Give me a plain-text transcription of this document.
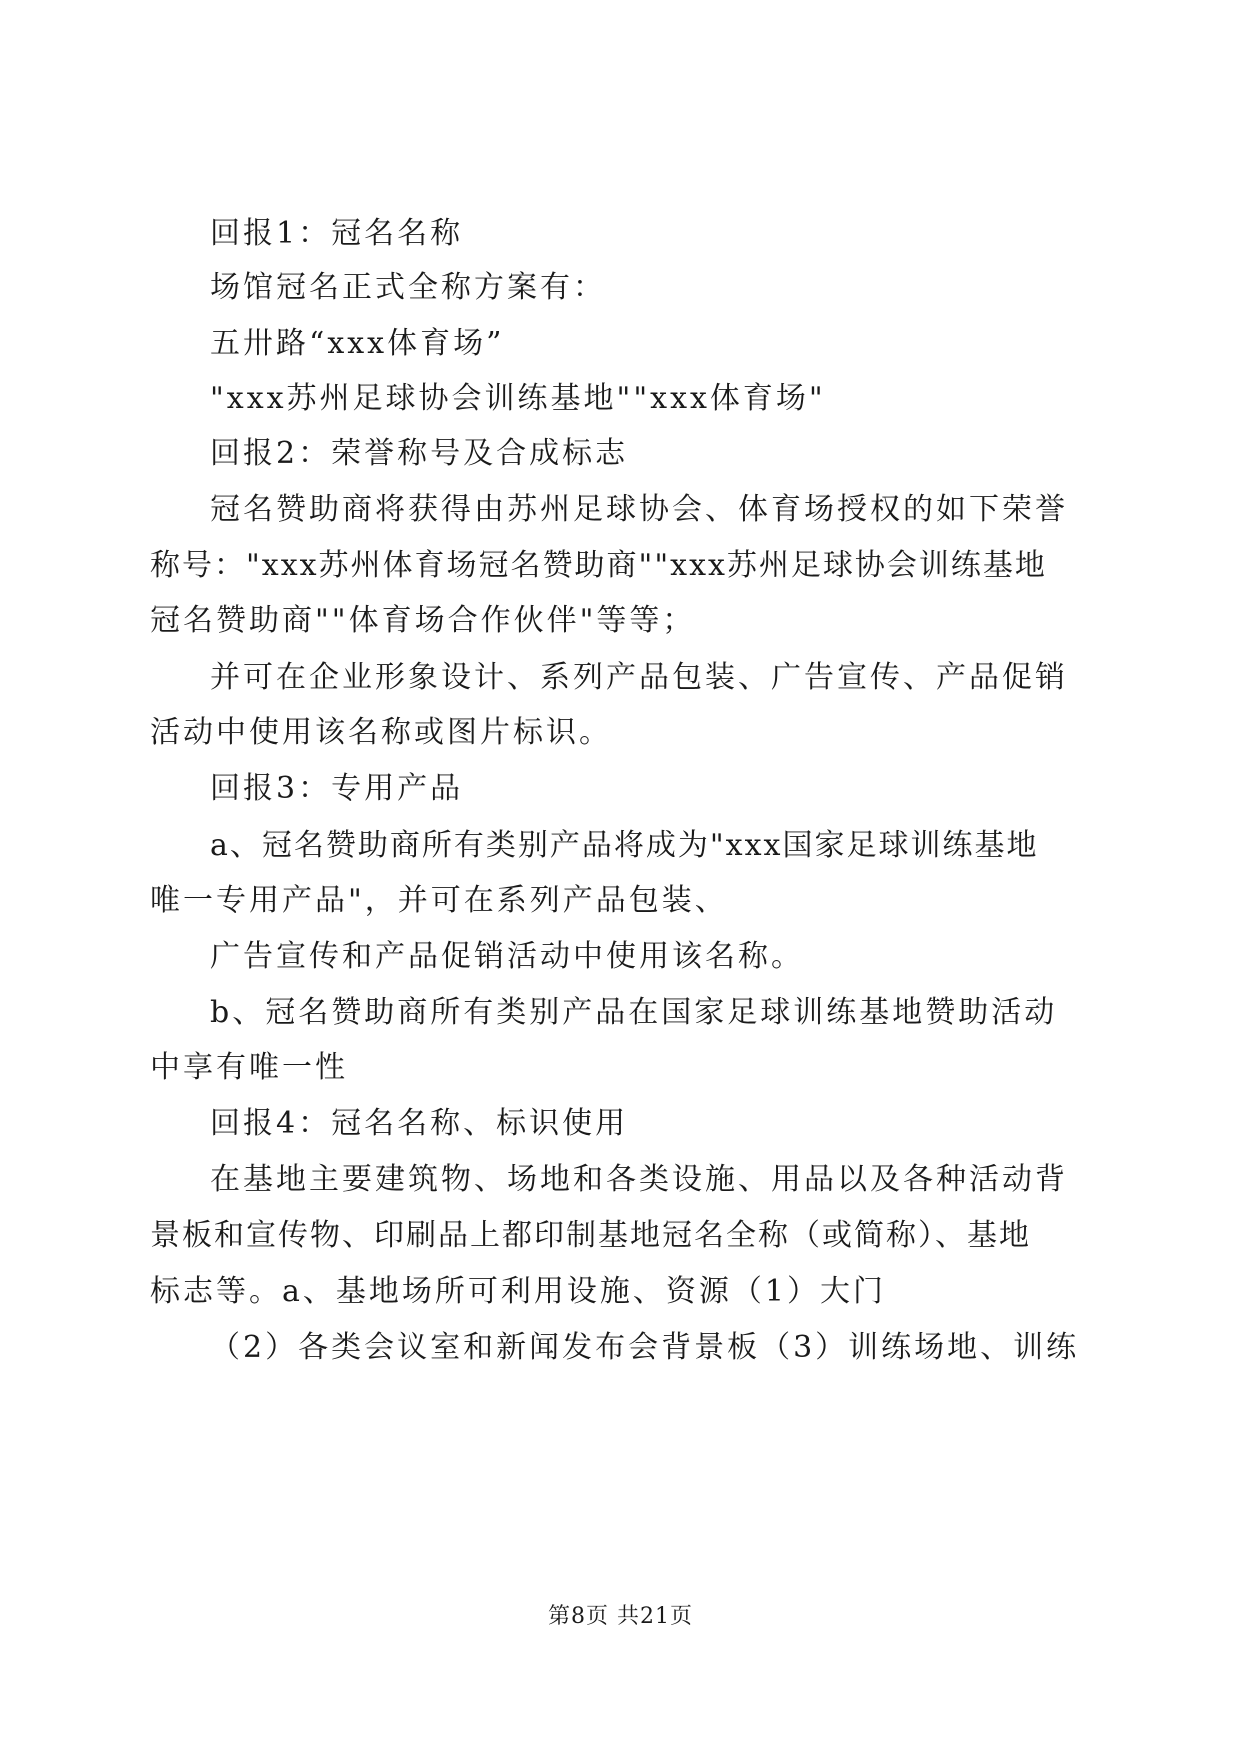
回报1：冠名名称
场馆冠名正式全称方案有：
五卅路“xxx体育场”
"xxx苏州足球协会训练基地""xxx体育场"
回报2：荣誉称号及合成标志
冠名赞助商将获得由苏州足球协会、体育场授权的如下荣誉
称号："xxx苏州体育场冠名赞助商""xxx苏州足球协会训练基地
冠名赞助商""体育场合作伙伴"等等；
并可在企业形象设计、系列产品包装、广告宣传、产品促销
活动中使用该名称或图片标识。
回报3：专用产品
a、冠名赞助商所有类别产品将成为"xxx国家足球训练基地
唯一专用产品"，并可在系列产品包装、
广告宣传和产品促销活动中使用该名称。
b、冠名赞助商所有类别产品在国家足球训练基地赞助活动
中享有唯一性
回报4：冠名名称、标识使用
在基地主要建筑物、场地和各类设施、用品以及各种活动背
景板和宣传物、印刷品上都印制基地冠名全称（或简称）、基地
标志等。a、基地场所可利用设施、资源（1）大门
（2）各类会议室和新闻发布会背景板（3）训练场地、训练
第8页 共21页
